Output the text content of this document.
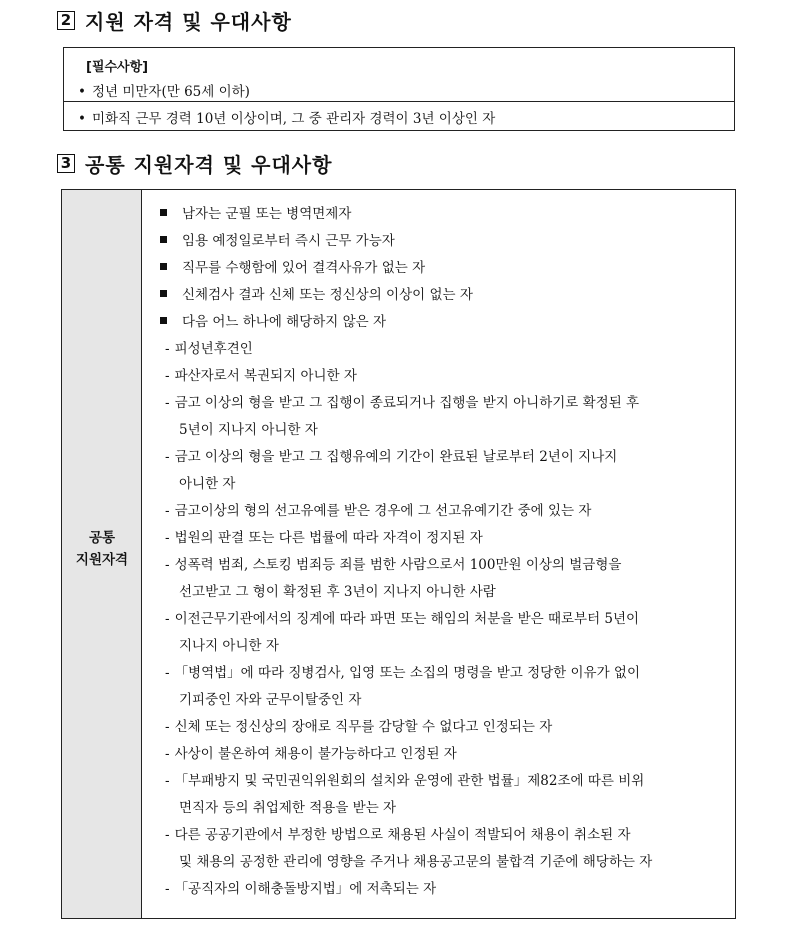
2 지원 자격 및 우대사항
[필수사항]
• 정년 미만자(만 65세 이하)
• 미화직 근무 경력 10년 이상이며, 그 중 관리자 경력이 3년 이상인 자
3 공통 지원자격 및 우대사항
공통
지원자격
남자는 군필 또는 병역면제자
임용 예정일로부터 즉시 근무 가능자
직무를 수행함에 있어 결격사유가 없는 자
신체검사 결과 신체 또는 정신상의 이상이 없는 자
다음 어느 하나에 해당하지 않은 자
- 피성년후견인
- 파산자로서 복권되지 아니한 자
- 금고 이상의 형을 받고 그 집행이 종료되거나 집행을 받지 아니하기로 확정된 후
5년이 지나지 아니한 자
- 금고 이상의 형을 받고 그 집행유예의 기간이 완료된 날로부터 2년이 지나지
아니한 자
- 금고이상의 형의 선고유예를 받은 경우에 그 선고유예기간 중에 있는 자
- 법원의 판결 또는 다른 법률에 따라 자격이 정지된 자
- 성폭력 범죄, 스토킹 범죄등 죄를 범한 사람으로서 100만원 이상의 벌금형을
선고받고 그 형이 확정된 후 3년이 지나지 아니한 사람
- 이전근무기관에서의 징계에 따라 파면 또는 해임의 처분을 받은 때로부터 5년이
지나지 아니한 자
- 「병역법」에 따라 징병검사, 입영 또는 소집의 명령을 받고 정당한 이유가 없이
기피중인 자와 군무이탈중인 자
- 신체 또는 정신상의 장애로 직무를 감당할 수 없다고 인정되는 자
- 사상이 불온하여 채용이 불가능하다고 인정된 자
- 「부패방지 및 국민권익위원회의 설치와 운영에 관한 법률」제82조에 따른 비위
면직자 등의 취업제한 적용을 받는 자
- 다른 공공기관에서 부정한 방법으로 채용된 사실이 적발되어 채용이 취소된 자
및 채용의 공정한 관리에 영향을 주거나 채용공고문의 불합격 기준에 해당하는 자
- 「공직자의 이해충돌방지법」에 저촉되는 자
